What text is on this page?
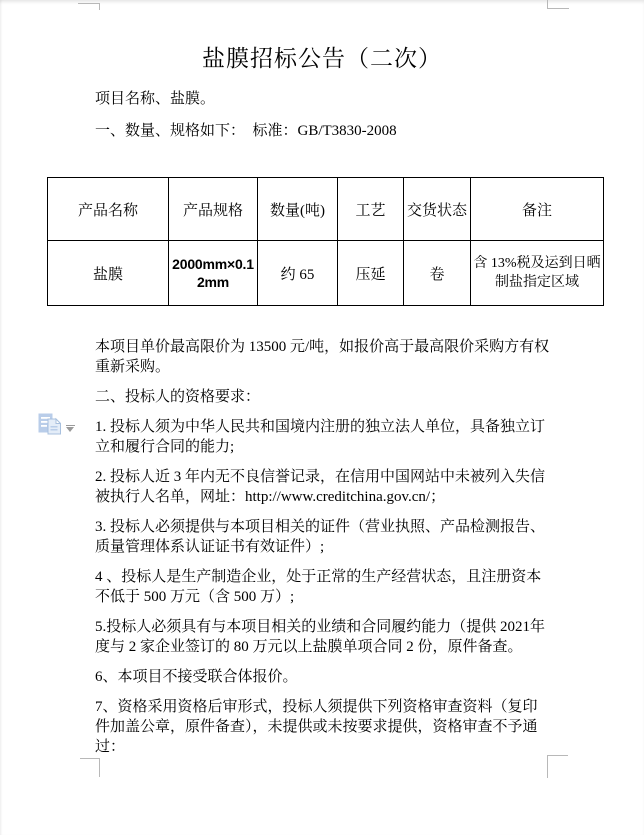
盐膜招标公告（二次）

项目名称、盐膜。

一、数量、规格如下：  标准：GB/T3830-2008

产品名称	产品规格	数量(吨)	工艺	交货状态	备注
盐膜	2000mm×0.12mm	约 65	压延	卷	含 13%税及运到日晒制盐指定区域

本项目单价最高限价为 13500 元/吨，如报价高于最高限价采购方有权重新采购。

二、投标人的资格要求：

1. 投标人须为中华人民共和国境内注册的独立法人单位，具备独立订立和履行合同的能力;

2. 投标人近 3 年内无不良信誉记录，在信用中国网站中未被列入失信被执行人名单，网址：http://www.creditchina.gov.cn/；

3. 投标人必须提供与本项目相关的证件（营业执照、产品检测报告、质量管理体系认证证书有效证件）;

4 、投标人是生产制造企业，处于正常的生产经营状态，且注册资本不低于 500 万元（含 500 万）;

5.投标人必须具有与本项目相关的业绩和合同履约能力（提供 2021年度与 2 家企业签订的 80 万元以上盐膜单项合同 2 份，原件备查。

6、本项目不接受联合体报价。

7、资格采用资格后审形式，投标人须提供下列资格审查资料（复印件加盖公章，原件备查），未提供或未按要求提供，资格审查不予通过：
